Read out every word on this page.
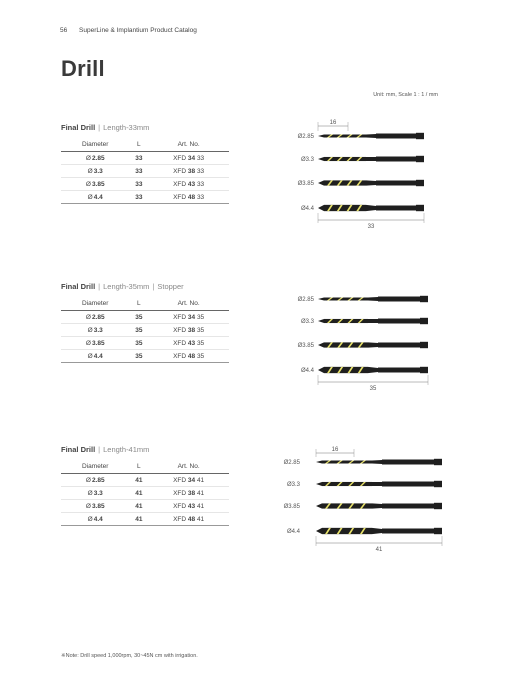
56 SuperLine & Implantium Product Catalog
Drill
Unit: mm, Scale 1 : 1 / mm
Final Drill | Length-33mm
Diameter	L	Art. No.
Ø2.85	33	XFD 34 33
Ø3.3	33	XFD 38 33
Ø3.85	33	XFD 43 33
Ø4.4	33	XFD 48 33
Final Drill | Length-35mm | Stopper
Diameter	L	Art. No.
Ø2.85	35	XFD 34 35
Ø3.3	35	XFD 38 35
Ø3.85	35	XFD 43 35
Ø4.4	35	XFD 48 35
Final Drill | Length-41mm
Diameter	L	Art. No.
Ø2.85	41	XFD 34 41
Ø3.3	41	XFD 38 41
Ø3.85	41	XFD 43 41
Ø4.4	41	XFD 48 41
Ø2.85
Ø3.3
Ø3.85
Ø4.4
16
33
Ø2.85
Ø3.3
Ø3.85
Ø4.4
35
Ø2.85
Ø3.3
Ø3.85
Ø4.4
16
41
※Note: Drill speed 1,000rpm, 30~45N cm with irrigation.
